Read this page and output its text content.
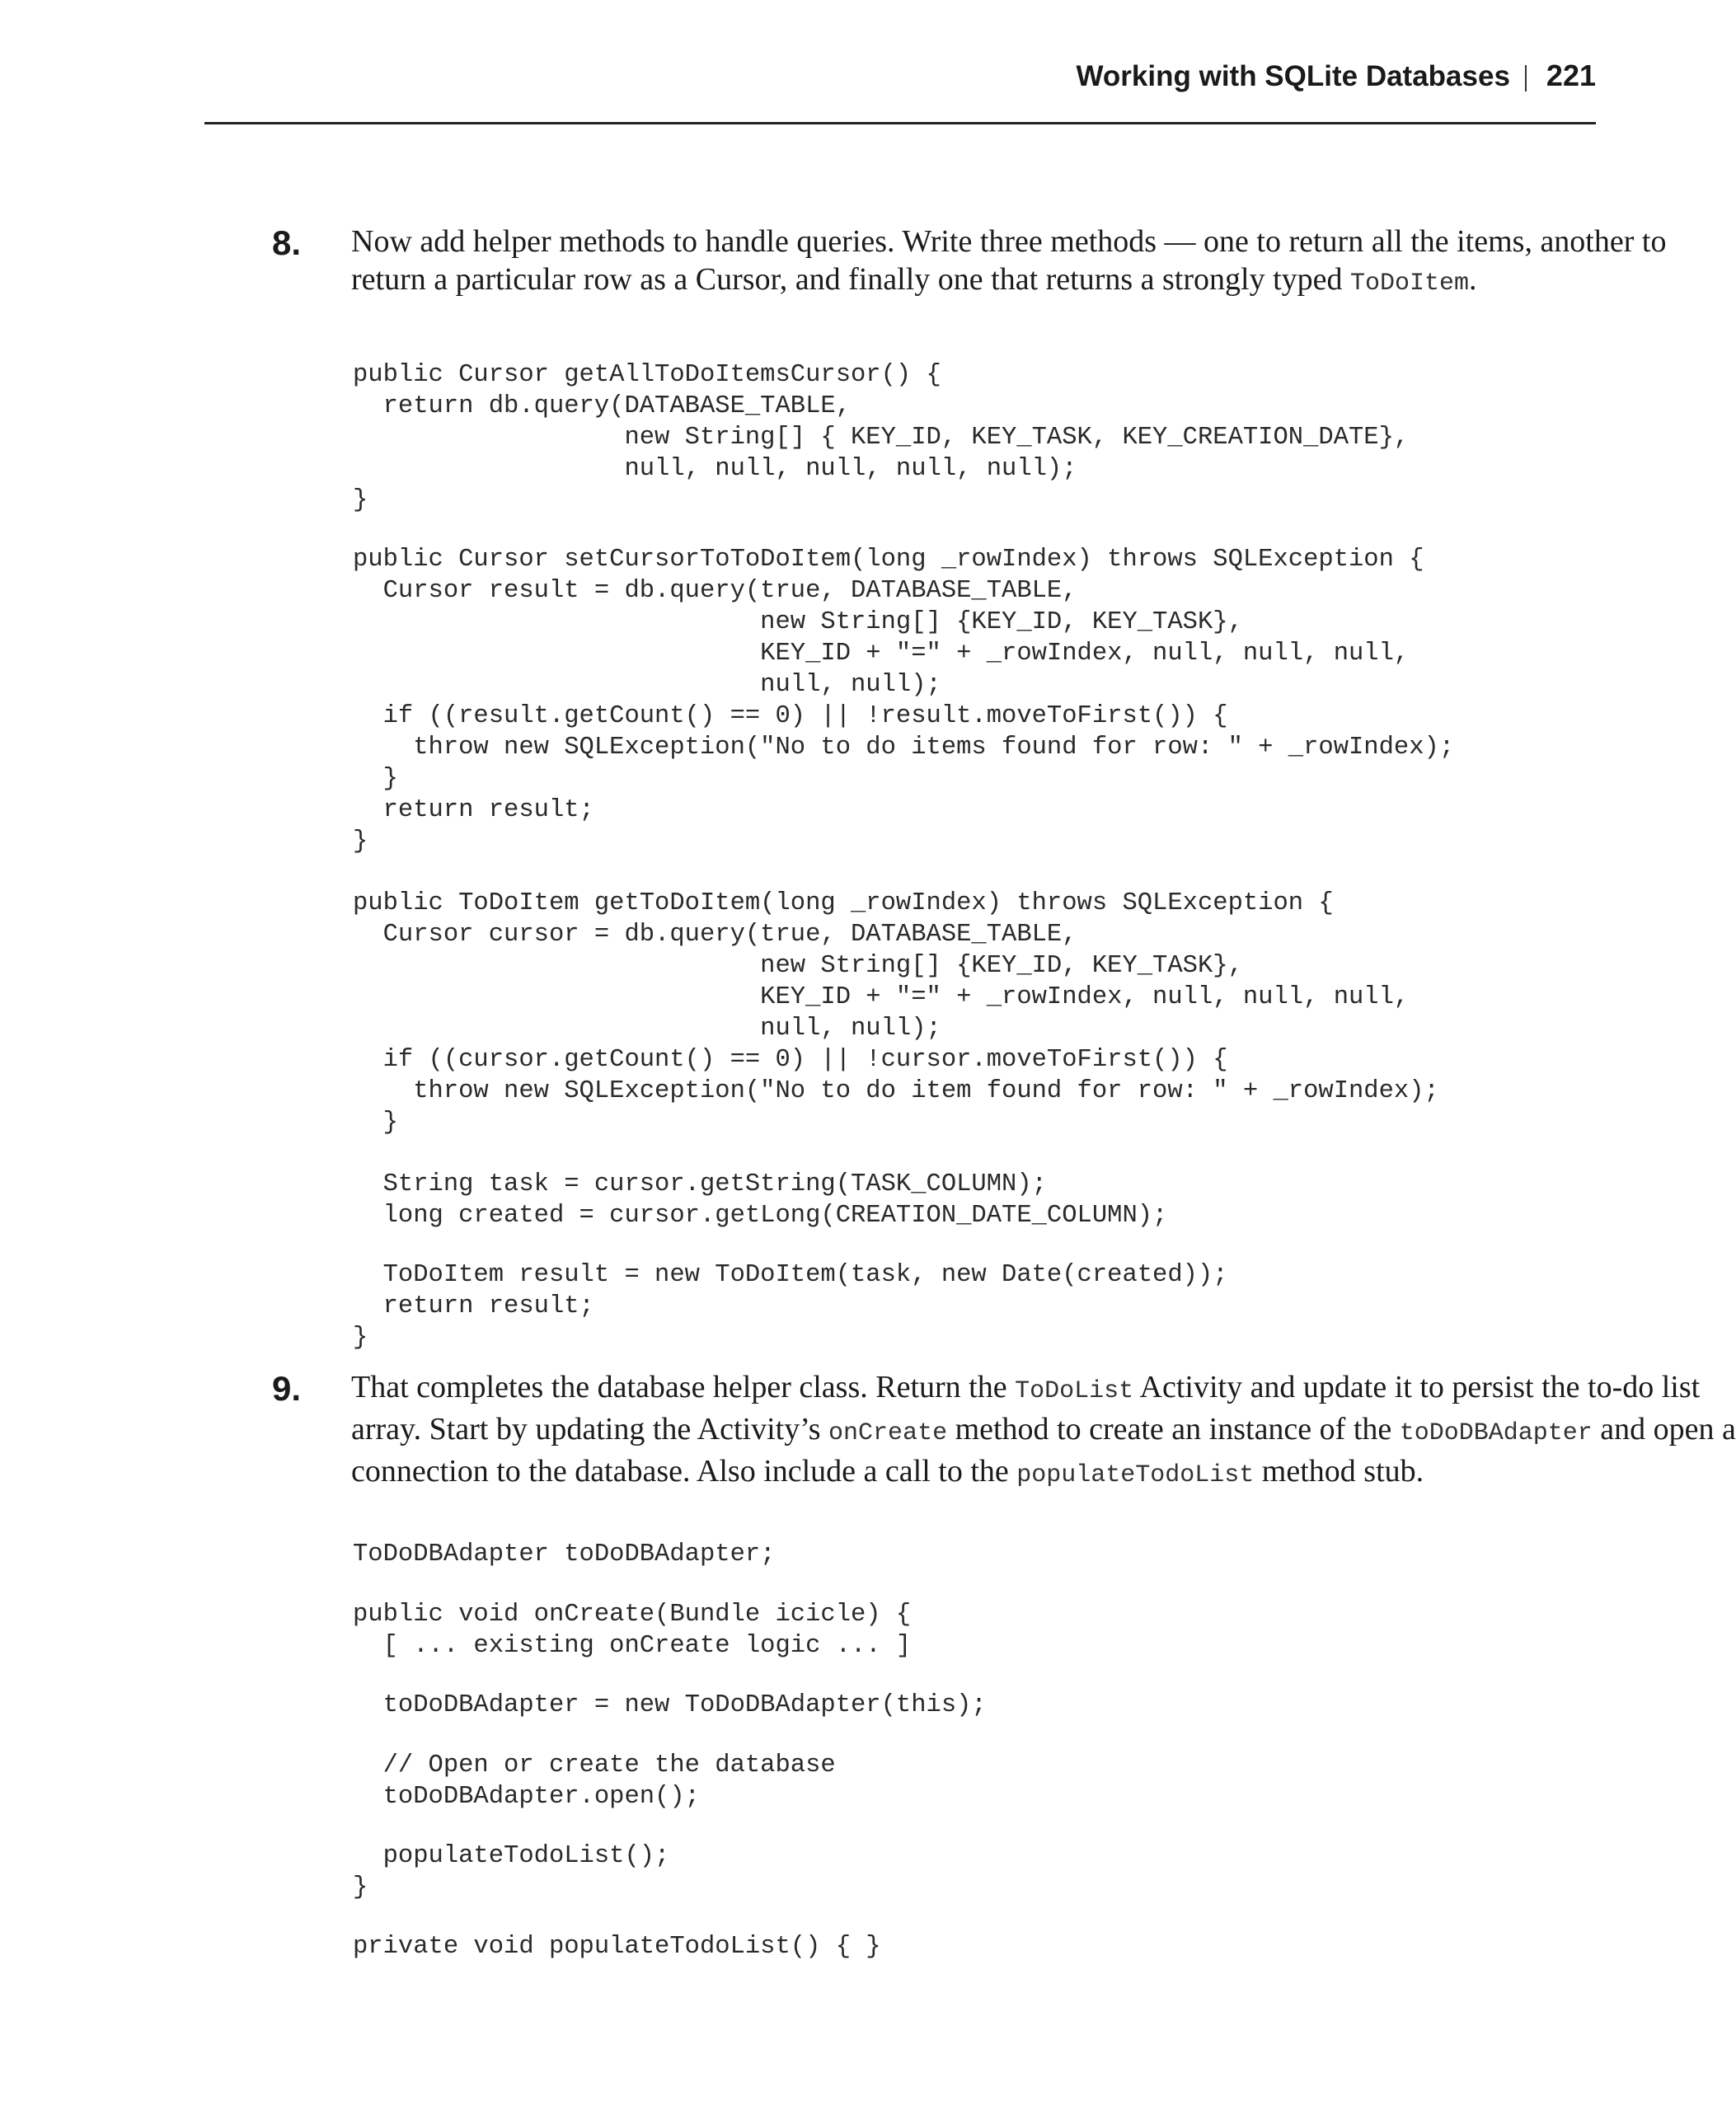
Working with SQLite Databases 221
8. Now add helper methods to handle queries. Write three methods — one to return all the items, another to return a particular row as a Cursor, and finally one that returns a strongly typed ToDoItem.

public Cursor getAllToDoItemsCursor() {
return db.query(DATABASE_TABLE,
new String[] { KEY_ID, KEY_TASK, KEY_CREATION_DATE},
null, null, null, null, null);
}
public Cursor setCursorToToDoItem(long _rowIndex) throws SQLException {
Cursor result = db.query(true, DATABASE_TABLE,
new String[] {KEY_ID, KEY_TASK},
KEY_ID + "=" + _rowIndex, null, null, null,
null, null);
if ((result.getCount() == 0) || !result.moveToFirst()) {
throw new SQLException("No to do items found for row: " + _rowIndex);
}
return result;
}
public ToDoItem getToDoItem(long _rowIndex) throws SQLException {
Cursor cursor = db.query(true, DATABASE_TABLE,
new String[] {KEY_ID, KEY_TASK},
KEY_ID + "=" + _rowIndex, null, null, null,
null, null);
if ((cursor.getCount() == 0) || !cursor.moveToFirst()) {
throw new SQLException("No to do item found for row: " + _rowIndex);
}
String task = cursor.getString(TASK_COLUMN);
long created = cursor.getLong(CREATION_DATE_COLUMN);
ToDoItem result = new ToDoItem(task, new Date(created));
return result;
}
9. That completes the database helper class. Return the ToDoList Activity and update it to persist the to-do list array. Start by updating the Activity’s onCreate method to create an instance of the toDoDBAdapter and open a connection to the database. Also include a call to the populateTodoList method stub.

ToDoDBAdapter toDoDBAdapter;
public void onCreate(Bundle icicle) {
[ ... existing onCreate logic ... ]
toDoDBAdapter = new ToDoDBAdapter(this);
// Open or create the database
toDoDBAdapter.open();
populateTodoList();
}
private void populateTodoList() { }
